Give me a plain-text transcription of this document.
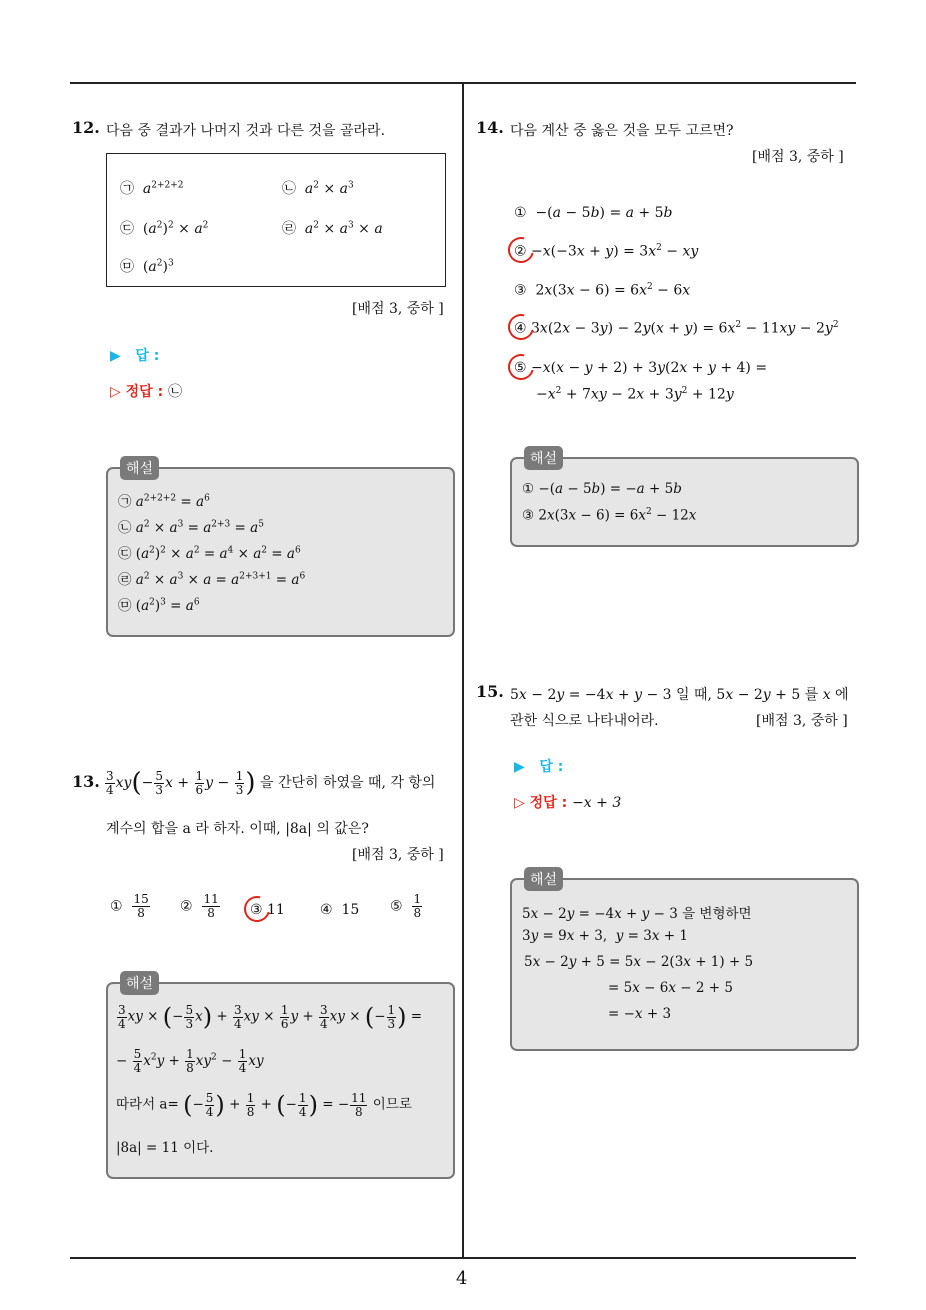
4
12. 다음 중 결과가 나머지 것과 다른 것을 골라라.
㉠  $a^{2+2+2}$	㉡  $a^2 \times a^3$
㉢  $(a^2)^2 \times a^2$	㉣  $a^2 \times a^3 \times a$
㉤  $(a^2)^3$
[배점 3, 중하 ]
▶ 답 :
▷ 정답 : ㉡
해설
㉠ $a^{2+2+2} = a^6$
㉡ $a^2 \times a^3 = a^{2+3} = a^5$
㉢ $(a^2)^2 \times a^2 = a^4 \times a^2 = a^6$
㉣ $a^2 \times a^3 \times a = a^{2+3+1} = a^6$
㉤ $(a^2)^3 = a^6$
13. $\frac{3}{4} xy(- \frac{5}{3}$ $x + \frac{1}{6}$ $y - \frac{1}{3}$ ) 을 간단히 하였을 때, 각 항의
계수의 합을 a 라 하자. 이때, |8a| 의 값은?
[배점 3, 중하 ]
① $\frac{15}{8}$ ② $\frac{11}{8}$ ③ 11	④  15 ⑤ $\frac{1}{8}$
해설
$\frac{3}{4}$ xy × (− $\frac{5}{3} x) + \frac{3}{4}$ xy × $\frac{1}{6}$ $y + \frac{3}{4}$ xy × (− $\frac{1}{3}$ ) =
− $\frac{5}{4} x^2y + \frac{1}{8} xy^2 - \frac{1}{4}$ xy
따라서 a= (− $\frac{5}{4}$ ) + $\frac{1}{8}$ + (− $\frac{1}{4}$ ) = − $\frac{11}{8}$ 이므로
|8a| = 11 이다.
14. 다음 계산 중 옳은 것을 모두 고르면?
[배점 3, 중하 ]
①  −(a − 5b) = a + 5b
② $-x(-3x + y) = 3x^2$ − xy
③  $2x(3x - 6) = 6x^2 - 6x$
④ $3x(2x - 3y) - 2y(x + y) = 6x^2 - 11xy - 2y^2$
⑤ −x(x − y + 2) + 3y(2x + y + 4) =
$-x^2 + 7xy - 2x + 3y^2 + 12y$
해설
① −(a − 5b) = −a + 5b
③ $2x(3x - 6) = 6x^2 - 12x$
15. 5x − 2y = −4x + y − 3 일 때, 5x − 2y + 5 를 x 에
관한 식으로 나타내어라.	[배점 3, 중하 ]
▶ 답 :
▷ 정답 : −x + 3
해설
5x − 2y = −4x + y − 3 을 변형하면
3y = 9x + 3,  y = 3x + 1
5x − 2y + 5 = 5x − 2(3x + 1) + 5
= 5x − 6x − 2 + 5
= −x + 3
